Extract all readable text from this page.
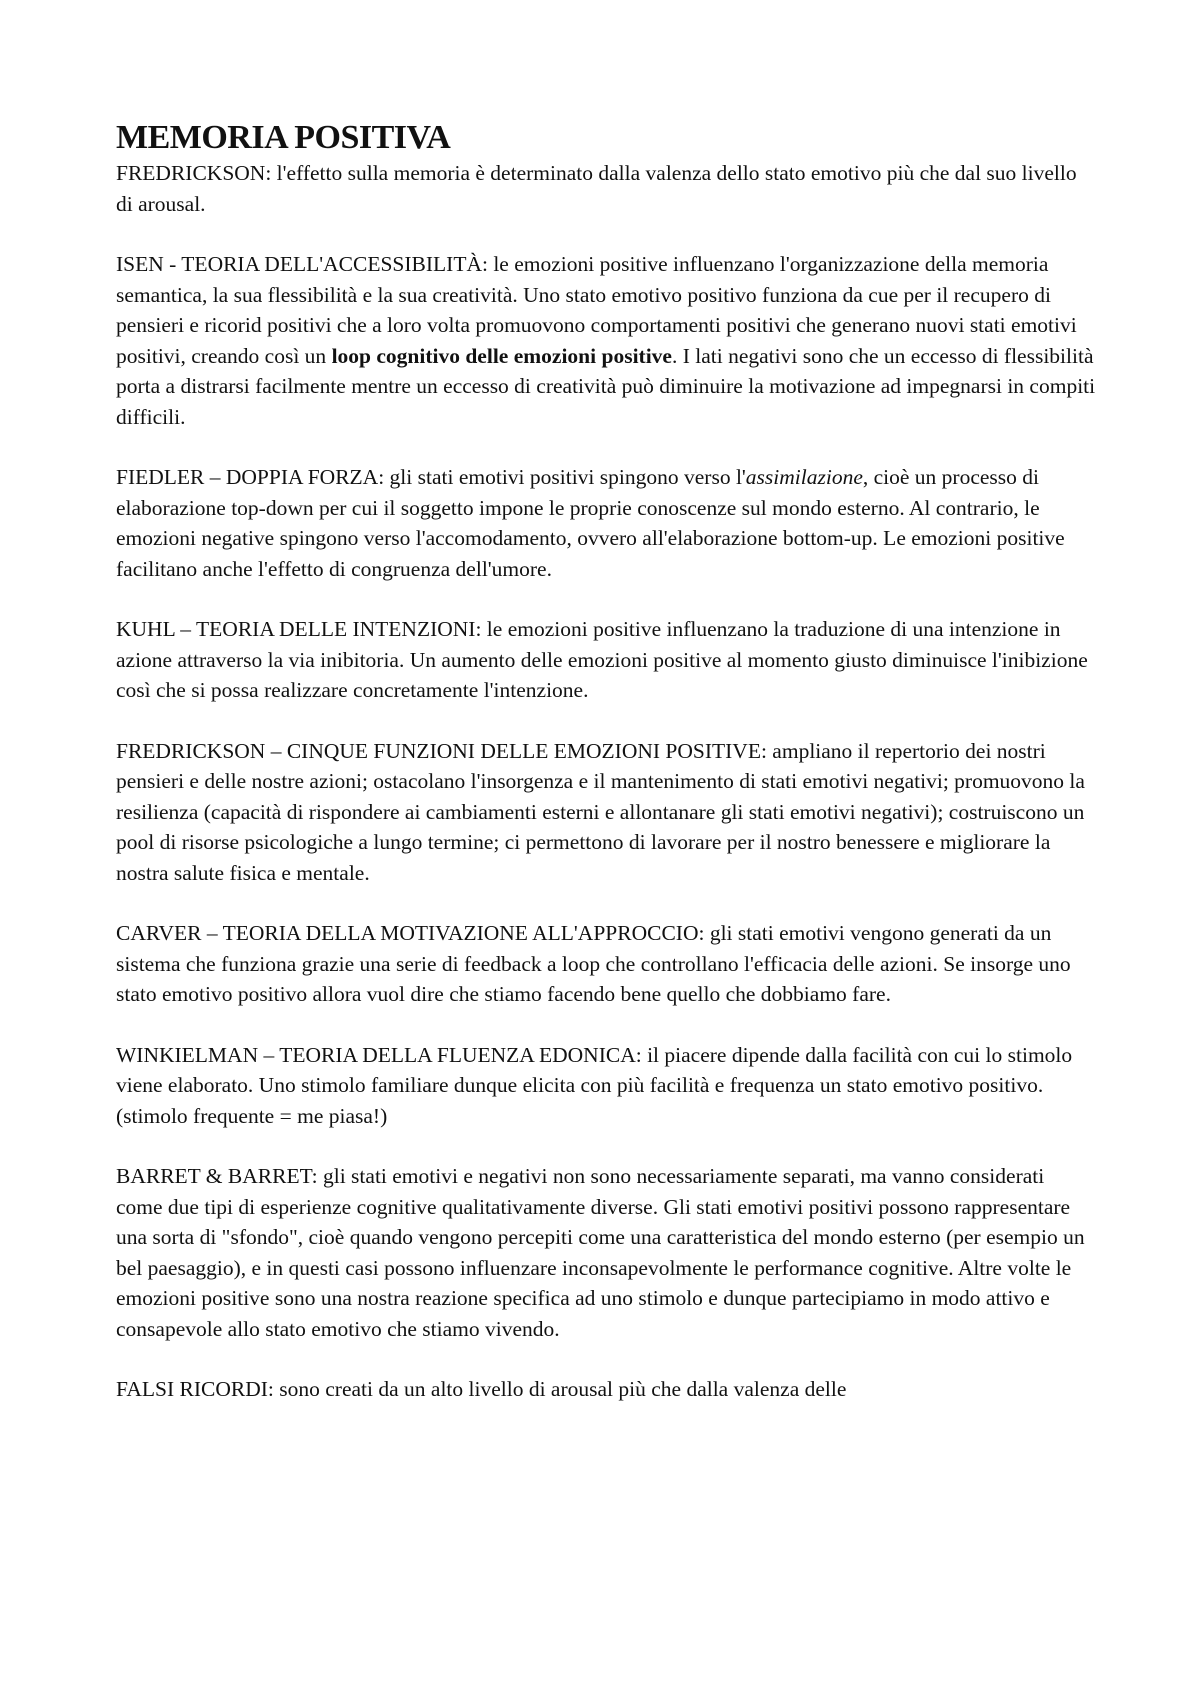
MEMORIA POSITIVA

FREDRICKSON: l'effetto sulla memoria è determinato dalla valenza dello stato emotivo più che dal suo livello di arousal.

ISEN - TEORIA DELL'ACCESSIBILITÀ: le emozioni positive influenzano l'organizzazione della memoria semantica, la sua flessibilità e la sua creatività. Uno stato emotivo positivo funziona da cue per il recupero di pensieri e ricorid positivi che a loro volta promuovono comportamenti positivi che generano nuovi stati emotivi positivi, creando così un loop cognitivo delle emozioni positive. I lati negativi sono che un eccesso di flessibilità porta a distrarsi facilmente mentre un eccesso di creatività può diminuire la motivazione ad impegnarsi in compiti difficili.

FIEDLER – DOPPIA FORZA: gli stati emotivi positivi spingono verso l'assimilazione, cioè un processo di elaborazione top-down per cui il soggetto impone le proprie conoscenze sul mondo esterno. Al contrario, le emozioni negative spingono verso l'accomodamento, ovvero all'elaborazione bottom-up. Le emozioni positive facilitano anche l'effetto di congruenza dell'umore.

KUHL – TEORIA DELLE INTENZIONI: le emozioni positive influenzano la traduzione di una intenzione in azione attraverso la via inibitoria. Un aumento delle emozioni positive al momento giusto diminuisce l'inibizione così che si possa realizzare concretamente l'intenzione.

FREDRICKSON – CINQUE FUNZIONI DELLE EMOZIONI POSITIVE: ampliano il repertorio dei nostri pensieri e delle nostre azioni; ostacolano l'insorgenza e il mantenimento di stati emotivi negativi; promuovono la resilienza (capacità di rispondere ai cambiamenti esterni e allontanare gli stati emotivi negativi); costruiscono un pool di risorse psicologiche a lungo termine; ci permettono di lavorare per il nostro benessere e migliorare la nostra salute fisica e mentale.

CARVER – TEORIA DELLA MOTIVAZIONE ALL'APPROCCIO: gli stati emotivi vengono generati da un sistema che funziona grazie una serie di feedback a loop che controllano l'efficacia delle azioni. Se insorge uno stato emotivo positivo allora vuol dire che stiamo facendo bene quello che dobbiamo fare.

WINKIELMAN – TEORIA DELLA FLUENZA EDONICA: il piacere dipende dalla facilità con cui lo stimolo viene elaborato. Uno stimolo familiare dunque elicita con più facilità e frequenza un stato emotivo positivo. (stimolo frequente = me piasa!)

BARRET & BARRET: gli stati emotivi e negativi non sono necessariamente separati, ma vanno considerati come due tipi di esperienze cognitive qualitativamente diverse. Gli stati emotivi positivi possono rappresentare una sorta di "sfondo", cioè quando vengono percepiti come una caratteristica del mondo esterno (per esempio un bel paesaggio), e in questi casi possono influenzare inconsapevolmente le performance cognitive. Altre volte le emozioni positive sono una nostra reazione specifica ad uno stimolo e dunque partecipiamo in modo attivo e consapevole allo stato emotivo che stiamo vivendo.

FALSI RICORDI: sono creati da un alto livello di arousal più che dalla valenza delle
